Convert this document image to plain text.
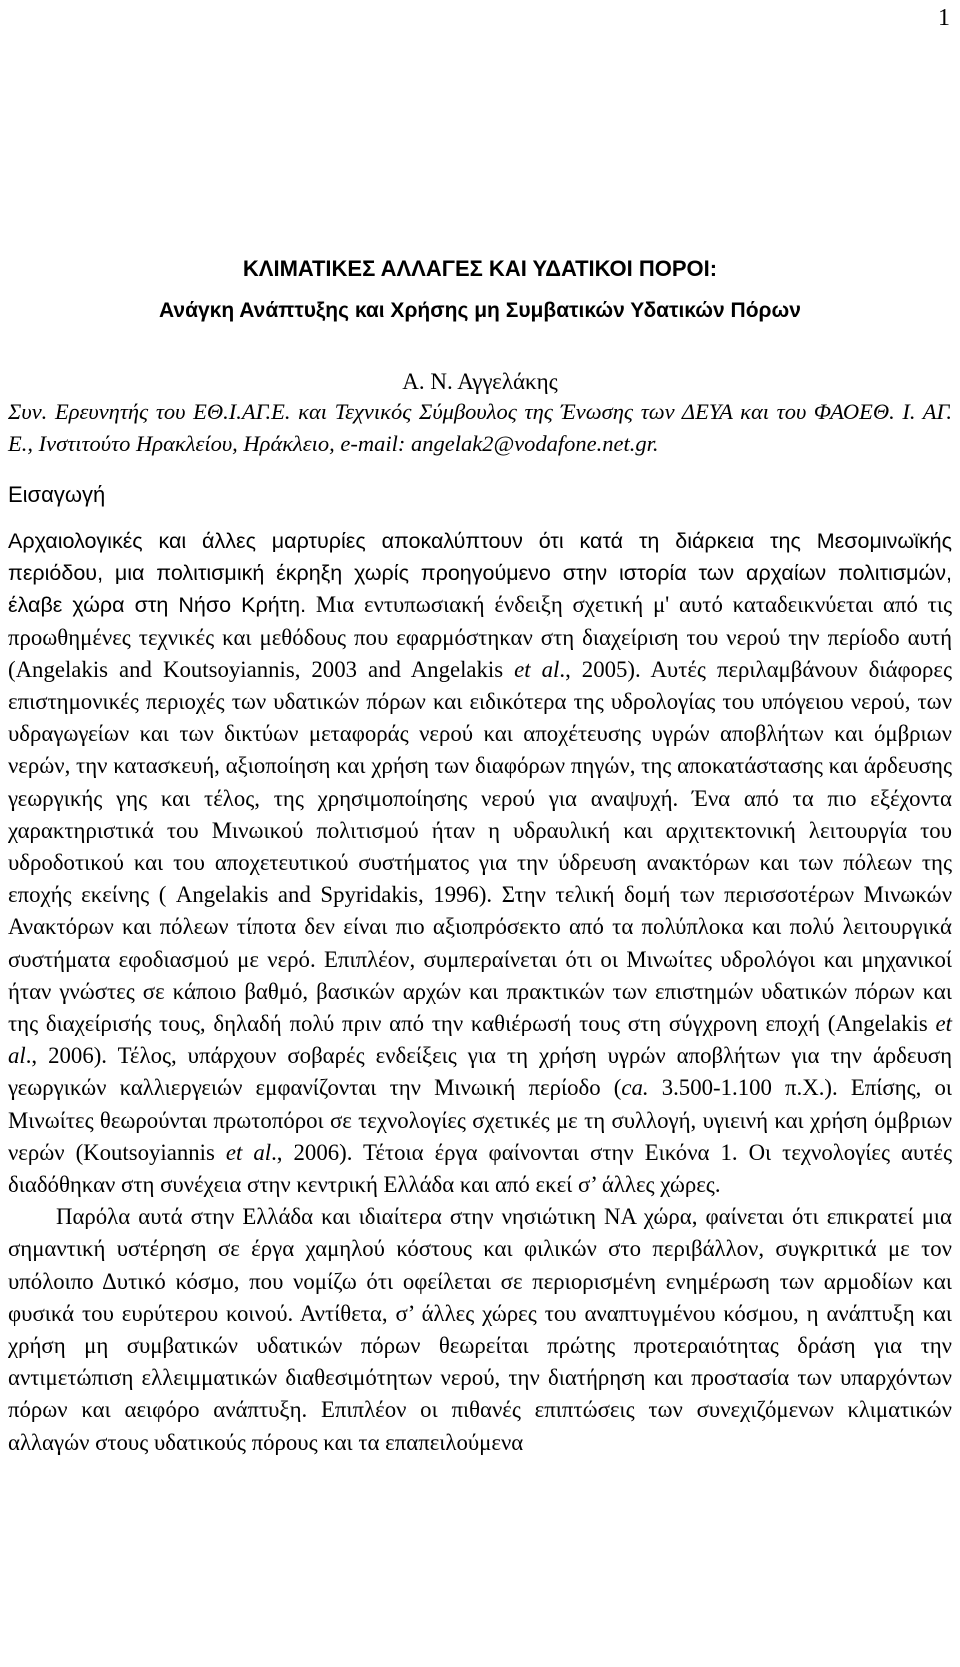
1
ΚΛΙΜΑΤΙΚΕΣ ΑΛΛΑΓΕΣ ΚΑΙ ΥΔΑΤΙΚΟΙ ΠΟΡΟΙ:
Ανάγκη Ανάπτυξης και Χρήσης μη Συμβατικών Υδατικών Πόρων
Α. Ν. Αγγελάκης
Συν. Ερευνητής του ΕΘ.Ι.ΑΓ.Ε. και Τεχνικός Σύμβουλος της Ένωσης των ΔΕΥΑ και του ΦΑΟΕΘ. Ι. ΑΓ. Ε., Ινστιτούτο Ηρακλείου, Ηράκλειο, e-mail: angelak2@vodafone.net.gr.
Εισαγωγή

Αρχαιολογικές και άλλες μαρτυρίες αποκαλύπτουν ότι κατά τη διάρκεια της Μεσομινωϊκής περιόδου, μια πολιτισμική έκρηξη χωρίς προηγούμενο στην ιστορία των αρχαίων πολιτισμών, έλαβε χώρα στη Νήσο Κρήτη. Μια εντυπωσιακή ένδειξη σχετική μ' αυτό καταδεικνύεται από τις προωθημένες τεχνικές και μεθόδους που εφαρμόστηκαν στη διαχείριση του νερού την περίοδο αυτή (Angelakis and Koutsoyiannis, 2003 and Angelakis et al., 2005). Αυτές περιλαμβάνουν διάφορες επιστημονικές περιοχές των υδατικών πόρων και ειδικότερα της υδρολογίας του υπόγειου νερού, των υδραγωγείων και των δικτύων μεταφοράς νερού και αποχέτευσης υγρών αποβλήτων και όμβριων νερών, την κατασκευή, αξιοποίηση και χρήση των διαφόρων πηγών, της αποκατάστασης και άρδευσης γεωργικής γης και τέλος, της χρησιμοποίησης νερού για αναψυχή. Ένα από τα πιο εξέχοντα χαρακτηριστικά του Μινωικού πολιτισμού ήταν η υδραυλική και αρχιτεκτονική λειτουργία του υδροδοτικού και του αποχετευτικού συστήματος για την ύδρευση ανακτόρων και των πόλεων της εποχής εκείνης ( Angelakis and Spyridakis, 1996). Στην τελική δομή των περισσοτέρων Μινωκών Ανακτόρων και πόλεων τίποτα δεν είναι πιο αξιοπρόσεκτο από τα πολύπλοκα και πολύ λειτουργικά συστήματα εφοδιασμού με νερό. Επιπλέον, συμπεραίνεται ότι οι Μινωίτες υδρολόγοι και μηχανικοί ήταν γνώστες σε κάποιο βαθμό, βασικών αρχών και πρακτικών των επιστημών υδατικών πόρων και της διαχείρισής τους, δηλαδή πολύ πριν από την καθιέρωσή τους στη σύγχρονη εποχή (Angelakis et al., 2006). Τέλος, υπάρχουν σοβαρές ενδείξεις για τη χρήση υγρών αποβλήτων για την άρδευση γεωργικών καλλιεργειών εμφανίζονται την Μινωική περίοδο (ca. 3.500-1.100 π.Χ.). Επίσης, οι Μινωίτες θεωρούνται πρωτοπόροι σε τεχνολογίες σχετικές με τη συλλογή, υγιεινή και χρήση όμβριων νερών (Koutsoyiannis et al., 2006). Τέτοια έργα φαίνονται στην Εικόνα 1. Οι τεχνολογίες αυτές διαδόθηκαν στη συνέχεια στην κεντρική Ελλάδα και από εκεί σ’ άλλες χώρες.

Παρόλα αυτά στην Ελλάδα και ιδιαίτερα στην νησιώτικη ΝΑ χώρα, φαίνεται ότι επικρατεί μια σημαντική υστέρηση σε έργα χαμηλού κόστους και φιλικών στο περιβάλλον, συγκριτικά με τον υπόλοιπο Δυτικό κόσμο, που νομίζω ότι οφείλεται σε περιορισμένη ενημέρωση των αρμοδίων και φυσικά του ευρύτερου κοινού. Αντίθετα, σ’ άλλες χώρες του αναπτυγμένου κόσμου, η ανάπτυξη και χρήση μη συμβατικών υδατικών πόρων θεωρείται πρώτης προτεραιότητας δράση για την αντιμετώπιση ελλειμματικών διαθεσιμότητων νερού, την διατήρηση και προστασία των υπαρχόντων πόρων και αειφόρο ανάπτυξη. Επιπλέον οι πιθανές επιπτώσεις των συνεχιζόμενων κλιματικών αλλαγών στους υδατικούς πόρους και τα επαπειλούμενα
